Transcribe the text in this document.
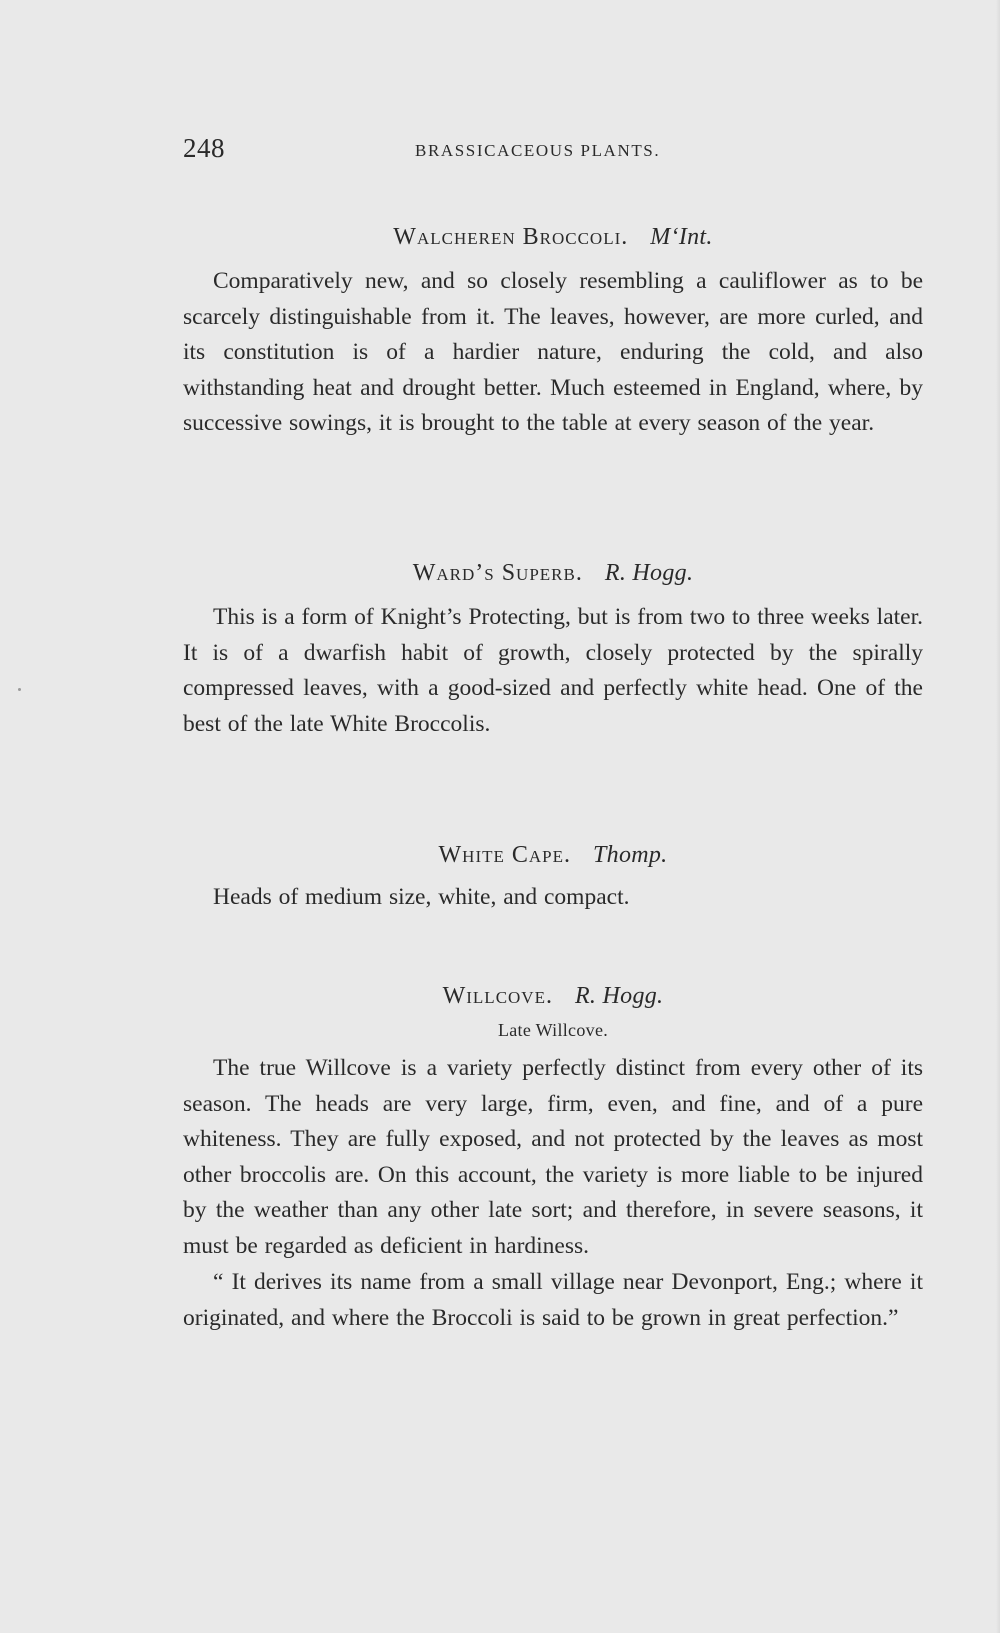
248	BRASSICACEOUS PLANTS.
Walcheren Broccoli. M‘Int.

Comparatively new, and so closely resembling a cauliflower as to be scarcely distinguishable from it. The leaves, however, are more curled, and its constitution is of a hardier nature, enduring the cold, and also withstanding heat and drought better. Much esteemed in England, where, by successive sowings, it is brought to the table at every season of the year.

Ward’s Superb. R. Hogg.

This is a form of Knight’s Protecting, but is from two to three weeks later. It is of a dwarfish habit of growth, closely protected by the spirally compressed leaves, with a good-sized and perfectly white head. One of the best of the late White Broccolis.

White Cape. Thomp.

Heads of medium size, white, and compact.

Willcove. R. Hogg.
Late Willcove.

The true Willcove is a variety perfectly distinct from every other of its season. The heads are very large, firm, even, and fine, and of a pure whiteness. They are fully exposed, and not protected by the leaves as most other broccolis are. On this account, the variety is more liable to be injured by the weather than any other late sort; and therefore, in severe seasons, it must be regarded as deficient in hardiness.

“ It derives its name from a small village near Devonport, Eng.; where it originated, and where the Broccoli is said to be grown in great perfection.”
